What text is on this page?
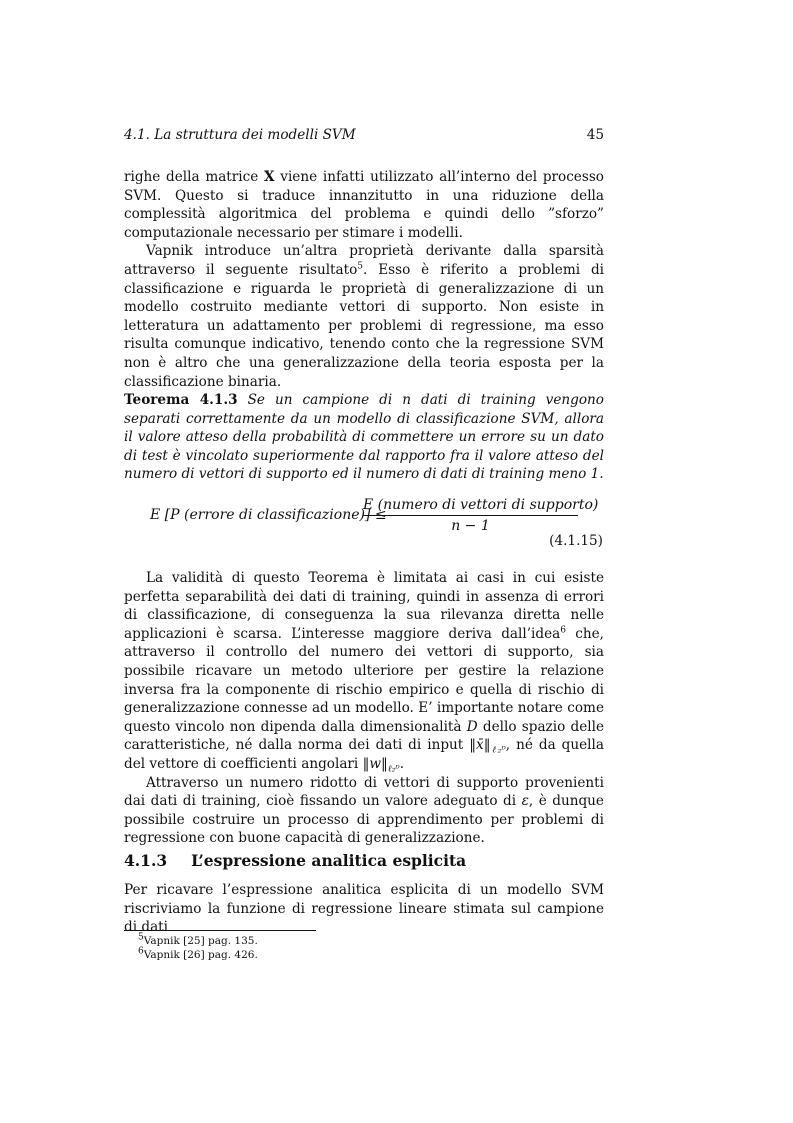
4.1. La struttura dei modelli SVM	45

righe della matrice X viene infatti utilizzato all’interno del processo SVM. Questo si traduce innanzitutto in una riduzione della complessità algoritmica del problema e quindi dello ”sforzo” computazionale necessario per stimare i modelli.

Vapnik introduce un’altra proprietà derivante dalla sparsità attraverso il seguente risultato$^5$. Esso è riferito a problemi di classificazione e riguarda le proprietà di generalizzazione di un modello costruito mediante vettori di supporto. Non esiste in letteratura un adattamento per problemi di regressione, ma esso risulta comunque indicativo, tenendo conto che la regressione SVM non è altro che una generalizzazione della teoria esposta per la classificazione binaria.

Teorema 4.1.3 Se un campione di n dati di training vengono separati correttamente da un modello di classificazione SVM, allora il valore atteso della probabilità di commettere un errore su un dato di test è vincolato superiormente dal rapporto fra il valore atteso del numero di vettori di supporto ed il numero di dati di training meno 1.
E [P (errore di classificazione)] ≤
E (numero di vettori di supporto)
n − 1
(4.1.15)

La validità di questo Teorema è limitata ai casi in cui esiste perfetta separabilità dei dati di training, quindi in assenza di errori di classificazione, di conseguenza la sua rilevanza diretta nelle applicazioni è scarsa. L’interesse maggiore deriva dall’idea$^6$ che, attraverso il controllo del numero dei vettori di supporto, sia possibile ricavare un metodo ulteriore per gestire la relazione inversa fra la componente di rischio empirico e quella di rischio di generalizzazione connesse ad un modello. E’ importante notare come questo vincolo non dipenda dalla dimensionalità D dello spazio delle caratteristiche, né dalla norma dei dati di input $‖x̄‖_{\ell_2ᴰ}$, né da quella del vettore di coefficienti angolari $‖w‖_{\ell_2ᴰ}$.

Attraverso un numero ridotto di vettori di supporto provenienti dai dati di training, cioè fissando un valore adeguato di ε, è dunque possibile costruire un processo di apprendimento per problemi di regressione con buone capacità di generalizzazione.

4.1.3 L’espressione analitica esplicita

Per ricavare l’espressione analitica esplicita di un modello SVM riscriviamo la funzione di regressione lineare stimata sul campione di dati

$^5$Vapnik [25] pag. 135.
$^6$Vapnik [26] pag. 426.
